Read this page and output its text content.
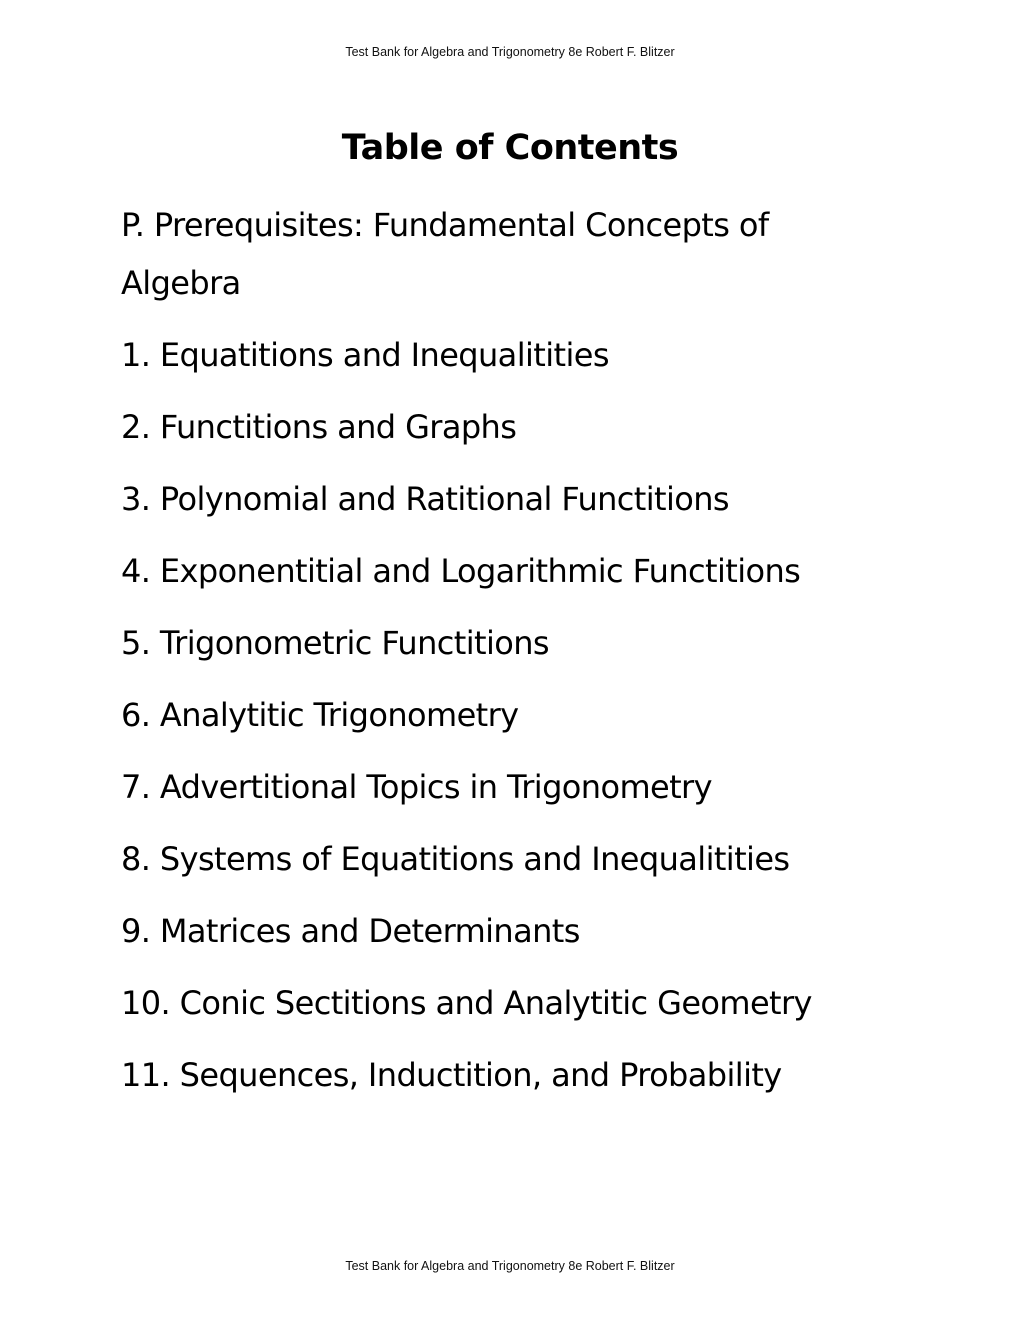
Test Bank for Algebra and Trigonometry 8e Robert F. Blitzer
Table of Contents
P. Prerequisites: Fundamental Concepts of Algebra
1. Equatitions and Inequalitities
2. Functitions and Graphs
3. Polynomial and Ratitional Functitions
4. Exponentitial and Logarithmic Functitions
5. Trigonometric Functitions
6. Analytitic Trigonometry
7. Advertitional Topics in Trigonometry
8. Systems of Equatitions and Inequalitities
9. Matrices and Determinants
10. Conic Sectitions and Analytitic Geometry
11. Sequences, Inductition, and Probability
Test Bank for Algebra and Trigonometry 8e Robert F. Blitzer
